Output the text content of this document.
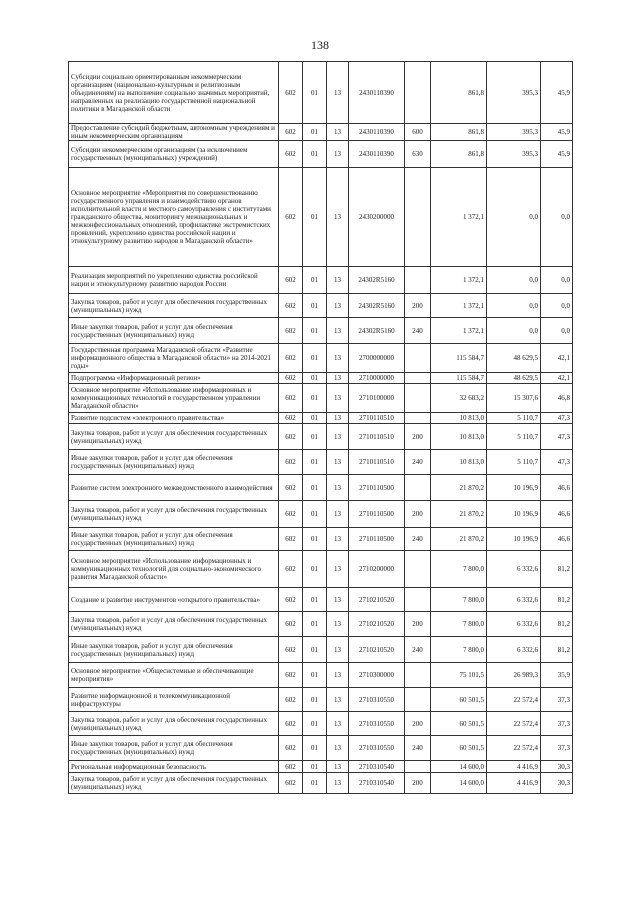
138
Субсидии социально ориентированным некоммерческим организациям (национально-культурным и религиозным объединениям) на выполнение социально значимых мероприятий, направленных на реализацию государственной национальной политики в Магаданской области	602	01	13	2430110390		861,8	395,3	45,9
Предоставление субсидий бюджетным, автономным учреждениям и иным некоммерческим организациям	602	01	13	2430110390	600	861,8	395,3	45,9
Субсидии некоммерческим организациям (за исключением государственных (муниципальных) учреждений)	602	01	13	2430110390	630	861,8	395,3	45,9
Основное мероприятие «Мероприятия по совершенствованию государственного управления и взаимодействию органов исполнительной власти и местного самоуправления с институтами гражданского общества, мониторингу межнациональных и межконфессиональных отношений, профилактике экстремистских проявлений, укреплению единства российской нации и этнокультурному развитию народов в Магаданской области»	602	01	13	2430200000		1 372,1	0,0	0,0
Реализация мероприятий по укреплению единства российской нации и этнокультурному развитию народов России	602	01	13	24302R5160		1 372,1	0,0	0,0
Закупка товаров, работ и услуг для обеспечения государственных (муниципальных) нужд	602	01	13	24302R5160	200	1 372,1	0,0	0,0
Иные закупки товаров, работ и услуг для обеспечения государственных (муниципальных) нужд	602	01	13	24302R5160	240	1 372,1	0,0	0,0
Государственная программа Магаданской области «Развитие информационного общества в Магаданской области» на 2014-2021 годы»	602	01	13	2700000000		115 584,7	48 629,5	42,1
Подпрограмма «Информационный регион»	602	01	13	2710000000		115 584,7	48 629,5	42,1
Основное мероприятие «Использование информационных и коммуникационных технологий в государственном управлении Магаданской области»	602	01	13	2710100000		32 683,2	15 307,6	46,8
Развитие подсистем «электронного правительства»	602	01	13	2710110510		10 813,0	5 110,7	47,3
Закупка товаров, работ и услуг для обеспечения государственных (муниципальных) нужд	602	01	13	2710110510	200	10 813,0	5 110,7	47,3
Иные закупки товаров, работ и услуг для обеспечения государственных (муниципальных) нужд	602	01	13	2710110510	240	10 813,0	5 110,7	47,3
Развитие систем электронного межведомственного взаимодействия	602	01	13	2710110500		21 870,2	10 196,9	46,6
Закупка товаров, работ и услуг для обеспечения государственных (муниципальных) нужд	602	01	13	2710110500	200	21 870,2	10 196,9	46,6
Иные закупки товаров, работ и услуг для обеспечения государственных (муниципальных) нужд	602	01	13	2710110500	240	21 870,2	10 196,9	46,6
Основное мероприятие «Использование информационных и коммуникационных технологий для социально-экономического развития Магаданской области»	602	01	13	2710200000		7 800,0	6 332,6	81,2
Создание и развитие инструментов «открытого правительства»	602	01	13	2710210520		7 800,0	6 332,6	81,2
Закупка товаров, работ и услуг для обеспечения государственных (муниципальных) нужд	602	01	13	2710210520	200	7 800,0	6 332,6	81,2
Иные закупки товаров, работ и услуг для обеспечения государственных (муниципальных) нужд	602	01	13	2710210520	240	7 800,0	6 332,6	81,2
Основное мероприятие «Общесистемные и обеспечивающие мероприятия»	602	01	13	2710300000		75 101,5	26 989,3	35,9
Развитие информационной и телекоммуникационной инфраструктуры	602	01	13	2710310550		60 501,5	22 572,4	37,3
Закупка товаров, работ и услуг для обеспечения государственных (муниципальных) нужд	602	01	13	2710310550	200	60 501,5	22 572,4	37,3
Иные закупки товаров, работ и услуг для обеспечения государственных (муниципальных) нужд	602	01	13	2710310550	240	60 501,5	22 572,4	37,3
Региональная информационная безопасность	602	01	13	2710310540		14 600,0	4 416,9	30,3
Закупка товаров, работ и услуг для обеспечения государственных (муниципальных) нужд	602	01	13	2710310540	200	14 600,0	4 416,9	30,3
